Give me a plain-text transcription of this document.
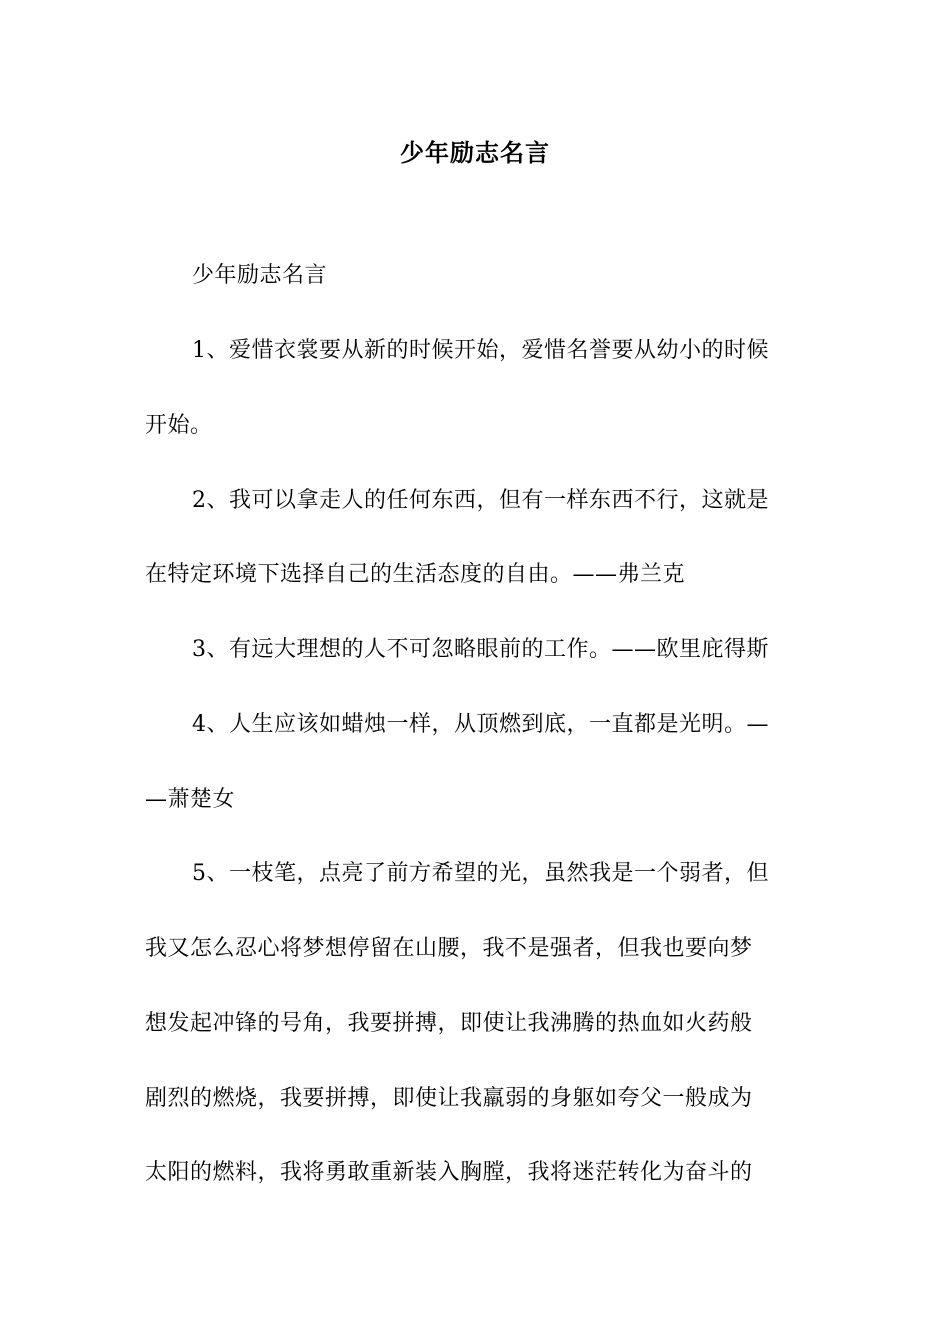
少年励志名言
少年励志名言
1、爱惜衣裳要从新的时候开始，爱惜名誉要从幼小的时候
开始。
2、我可以拿走人的任何东西，但有一样东西不行，这就是
在特定环境下选择自己的生活态度的自由。——弗兰克
3、有远大理想的人不可忽略眼前的工作。——欧里庇得斯
4、人生应该如蜡烛一样，从顶燃到底，一直都是光明。—
—萧楚女
5、一枝笔，点亮了前方希望的光，虽然我是一个弱者，但
我又怎么忍心将梦想停留在山腰，我不是强者，但我也要向梦
想发起冲锋的号角，我要拼搏，即使让我沸腾的热血如火药般
剧烈的燃烧，我要拼搏，即使让我羸弱的身躯如夸父一般成为
太阳的燃料，我将勇敢重新装入胸膛，我将迷茫转化为奋斗的
